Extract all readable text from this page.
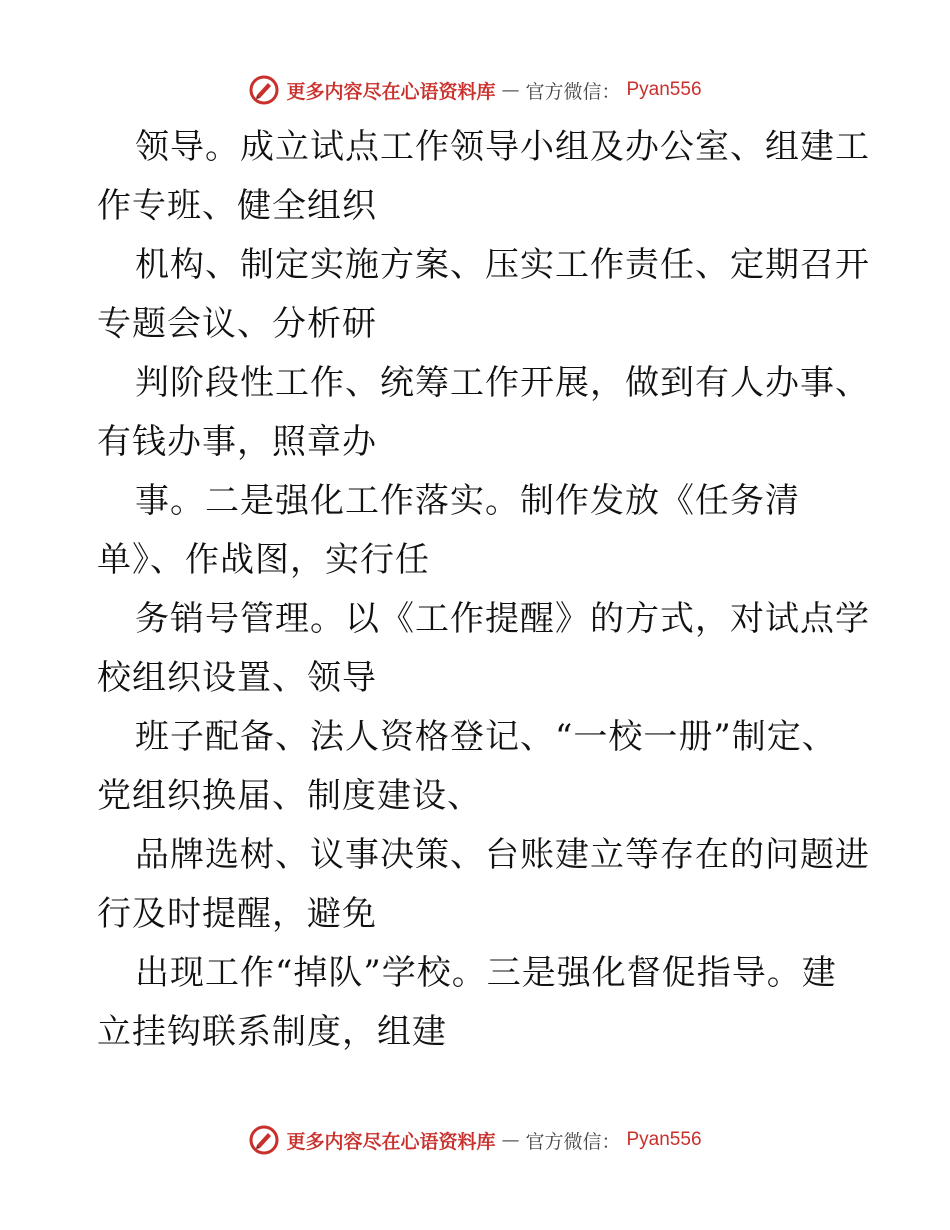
更多内容尽在心语资料库 — 官方微信： Pyan556
领导。成立试点工作领导小组及办公室、组建工
作专班、健全组织
机构、制定实施方案、压实工作责任、定期召开
专题会议、分析研
判阶段性工作、统筹工作开展，做到有人办事、
有钱办事，照章办
事。二是强化工作落实。制作发放《任务清
单》、作战图，实行任
务销号管理。以《工作提醒》的方式，对试点学
校组织设置、领导
班子配备、法人资格登记、“一校一册”制定、
党组织换届、制度建设、
品牌选树、议事决策、台账建立等存在的问题进
行及时提醒，避免
出现工作“掉队”学校。三是强化督促指导。建
立挂钩联系制度，组建
更多内容尽在心语资料库 — 官方微信： Pyan556
